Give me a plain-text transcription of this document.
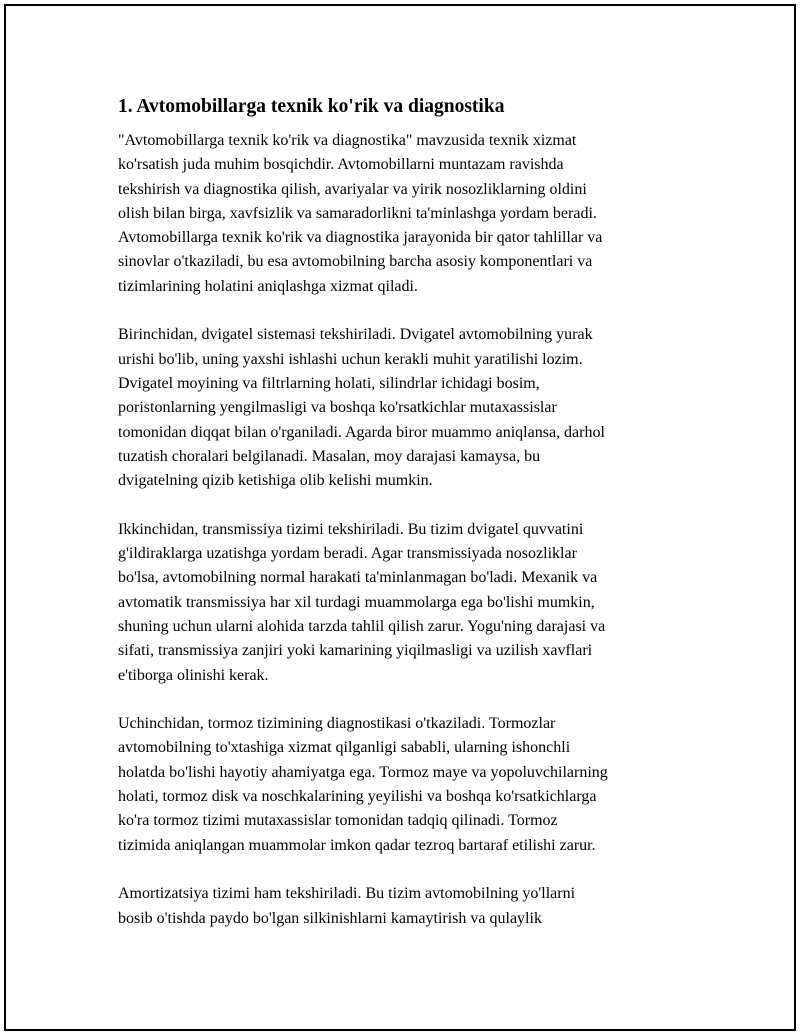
1. Avtomobillarga texnik ko'rik va diagnostika
"Avtomobillarga texnik ko'rik va diagnostika" mavzusida texnik xizmat
ko'rsatish juda muhim bosqichdir. Avtomobillarni muntazam ravishda
tekshirish va diagnostika qilish, avariyalar va yirik nosozliklarning oldini
olish bilan birga, xavfsizlik va samaradorlikni ta'minlashga yordam beradi.
Avtomobillarga texnik ko'rik va diagnostika jarayonida bir qator tahlillar va
sinovlar o'tkaziladi, bu esa avtomobilning barcha asosiy komponentlari va
tizimlarining holatini aniqlashga xizmat qiladi.
Birinchidan, dvigatel sistemasi tekshiriladi. Dvigatel avtomobilning yurak
urishi bo'lib, uning yaxshi ishlashi uchun kerakli muhit yaratilishi lozim.
Dvigatel moyining va filtrlarning holati, silindrlar ichidagi bosim,
poristonlarning yengilmasligi va boshqa ko'rsatkichlar mutaxassislar
tomonidan diqqat bilan o'rganiladi. Agarda biror muammo aniqlansa, darhol
tuzatish choralari belgilanadi. Masalan, moy darajasi kamaysa, bu
dvigatelning qizib ketishiga olib kelishi mumkin.
Ikkinchidan, transmissiya tizimi tekshiriladi. Bu tizim dvigatel quvvatini
g'ildiraklarga uzatishga yordam beradi. Agar transmissiyada nosozliklar
bo'lsa, avtomobilning normal harakati ta'minlanmagan bo'ladi. Mexanik va
avtomatik transmissiya har xil turdagi muammolarga ega bo'lishi mumkin,
shuning uchun ularni alohida tarzda tahlil qilish zarur. Yogu'ning darajasi va
sifati, transmissiya zanjiri yoki kamarining yiqilmasligi va uzilish xavflari
e'tiborga olinishi kerak.
Uchinchidan, tormoz tizimining diagnostikasi o'tkaziladi. Tormozlar
avtomobilning to'xtashiga xizmat qilganligi sababli, ularning ishonchli
holatda bo'lishi hayotiy ahamiyatga ega. Tormoz maye va yopoluvchilarning
holati, tormoz disk va noschkalarining yeyilishi va boshqa ko'rsatkichlarga
ko'ra tormoz tizimi mutaxassislar tomonidan tadqiq qilinadi. Tormoz
tizimida aniqlangan muammolar imkon qadar tezroq bartaraf etilishi zarur.
Amortizatsiya tizimi ham tekshiriladi. Bu tizim avtomobilning yo'llarni
bosib o'tishda paydo bo'lgan silkinishlarni kamaytirish va qulaylik
